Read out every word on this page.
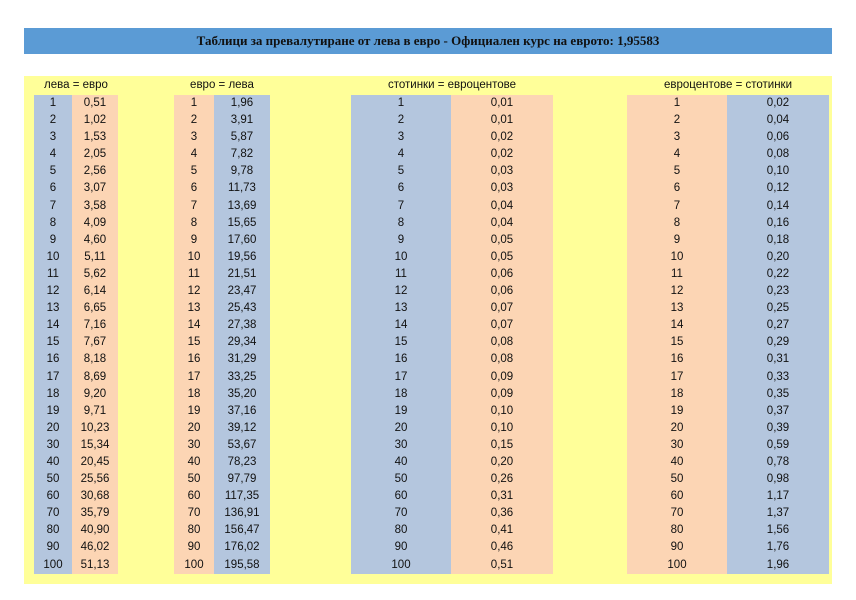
Таблици за превалутиране от лева в евро - Официален курс на еврото: 1,95583
лева = евро
1
2
3
4
5
6
7
8
9
10
11
12
13
14
15
16
17
18
19
20
30
40
50
60
70
80
90
100
0,51
1,02
1,53
2,05
2,56
3,07
3,58
4,09
4,60
5,11
5,62
6,14
6,65
7,16
7,67
8,18
8,69
9,20
9,71
10,23
15,34
20,45
25,56
30,68
35,79
40,90
46,02
51,13
евро = лева
1
2
3
4
5
6
7
8
9
10
11
12
13
14
15
16
17
18
19
20
30
40
50
60
70
80
90
100
1,96
3,91
5,87
7,82
9,78
11,73
13,69
15,65
17,60
19,56
21,51
23,47
25,43
27,38
29,34
31,29
33,25
35,20
37,16
39,12
53,67
78,23
97,79
117,35
136,91
156,47
176,02
195,58
стотинки = евроцентове
1
2
3
4
5
6
7
8
9
10
11
12
13
14
15
16
17
18
19
20
30
40
50
60
70
80
90
100
0,01
0,01
0,02
0,02
0,03
0,03
0,04
0,04
0,05
0,05
0,06
0,06
0,07
0,07
0,08
0,08
0,09
0,09
0,10
0,10
0,15
0,20
0,26
0,31
0,36
0,41
0,46
0,51
евроцентове = стотинки
1
2
3
4
5
6
7
8
9
10
11
12
13
14
15
16
17
18
19
20
30
40
50
60
70
80
90
100
0,02
0,04
0,06
0,08
0,10
0,12
0,14
0,16
0,18
0,20
0,22
0,23
0,25
0,27
0,29
0,31
0,33
0,35
0,37
0,39
0,59
0,78
0,98
1,17
1,37
1,56
1,76
1,96
